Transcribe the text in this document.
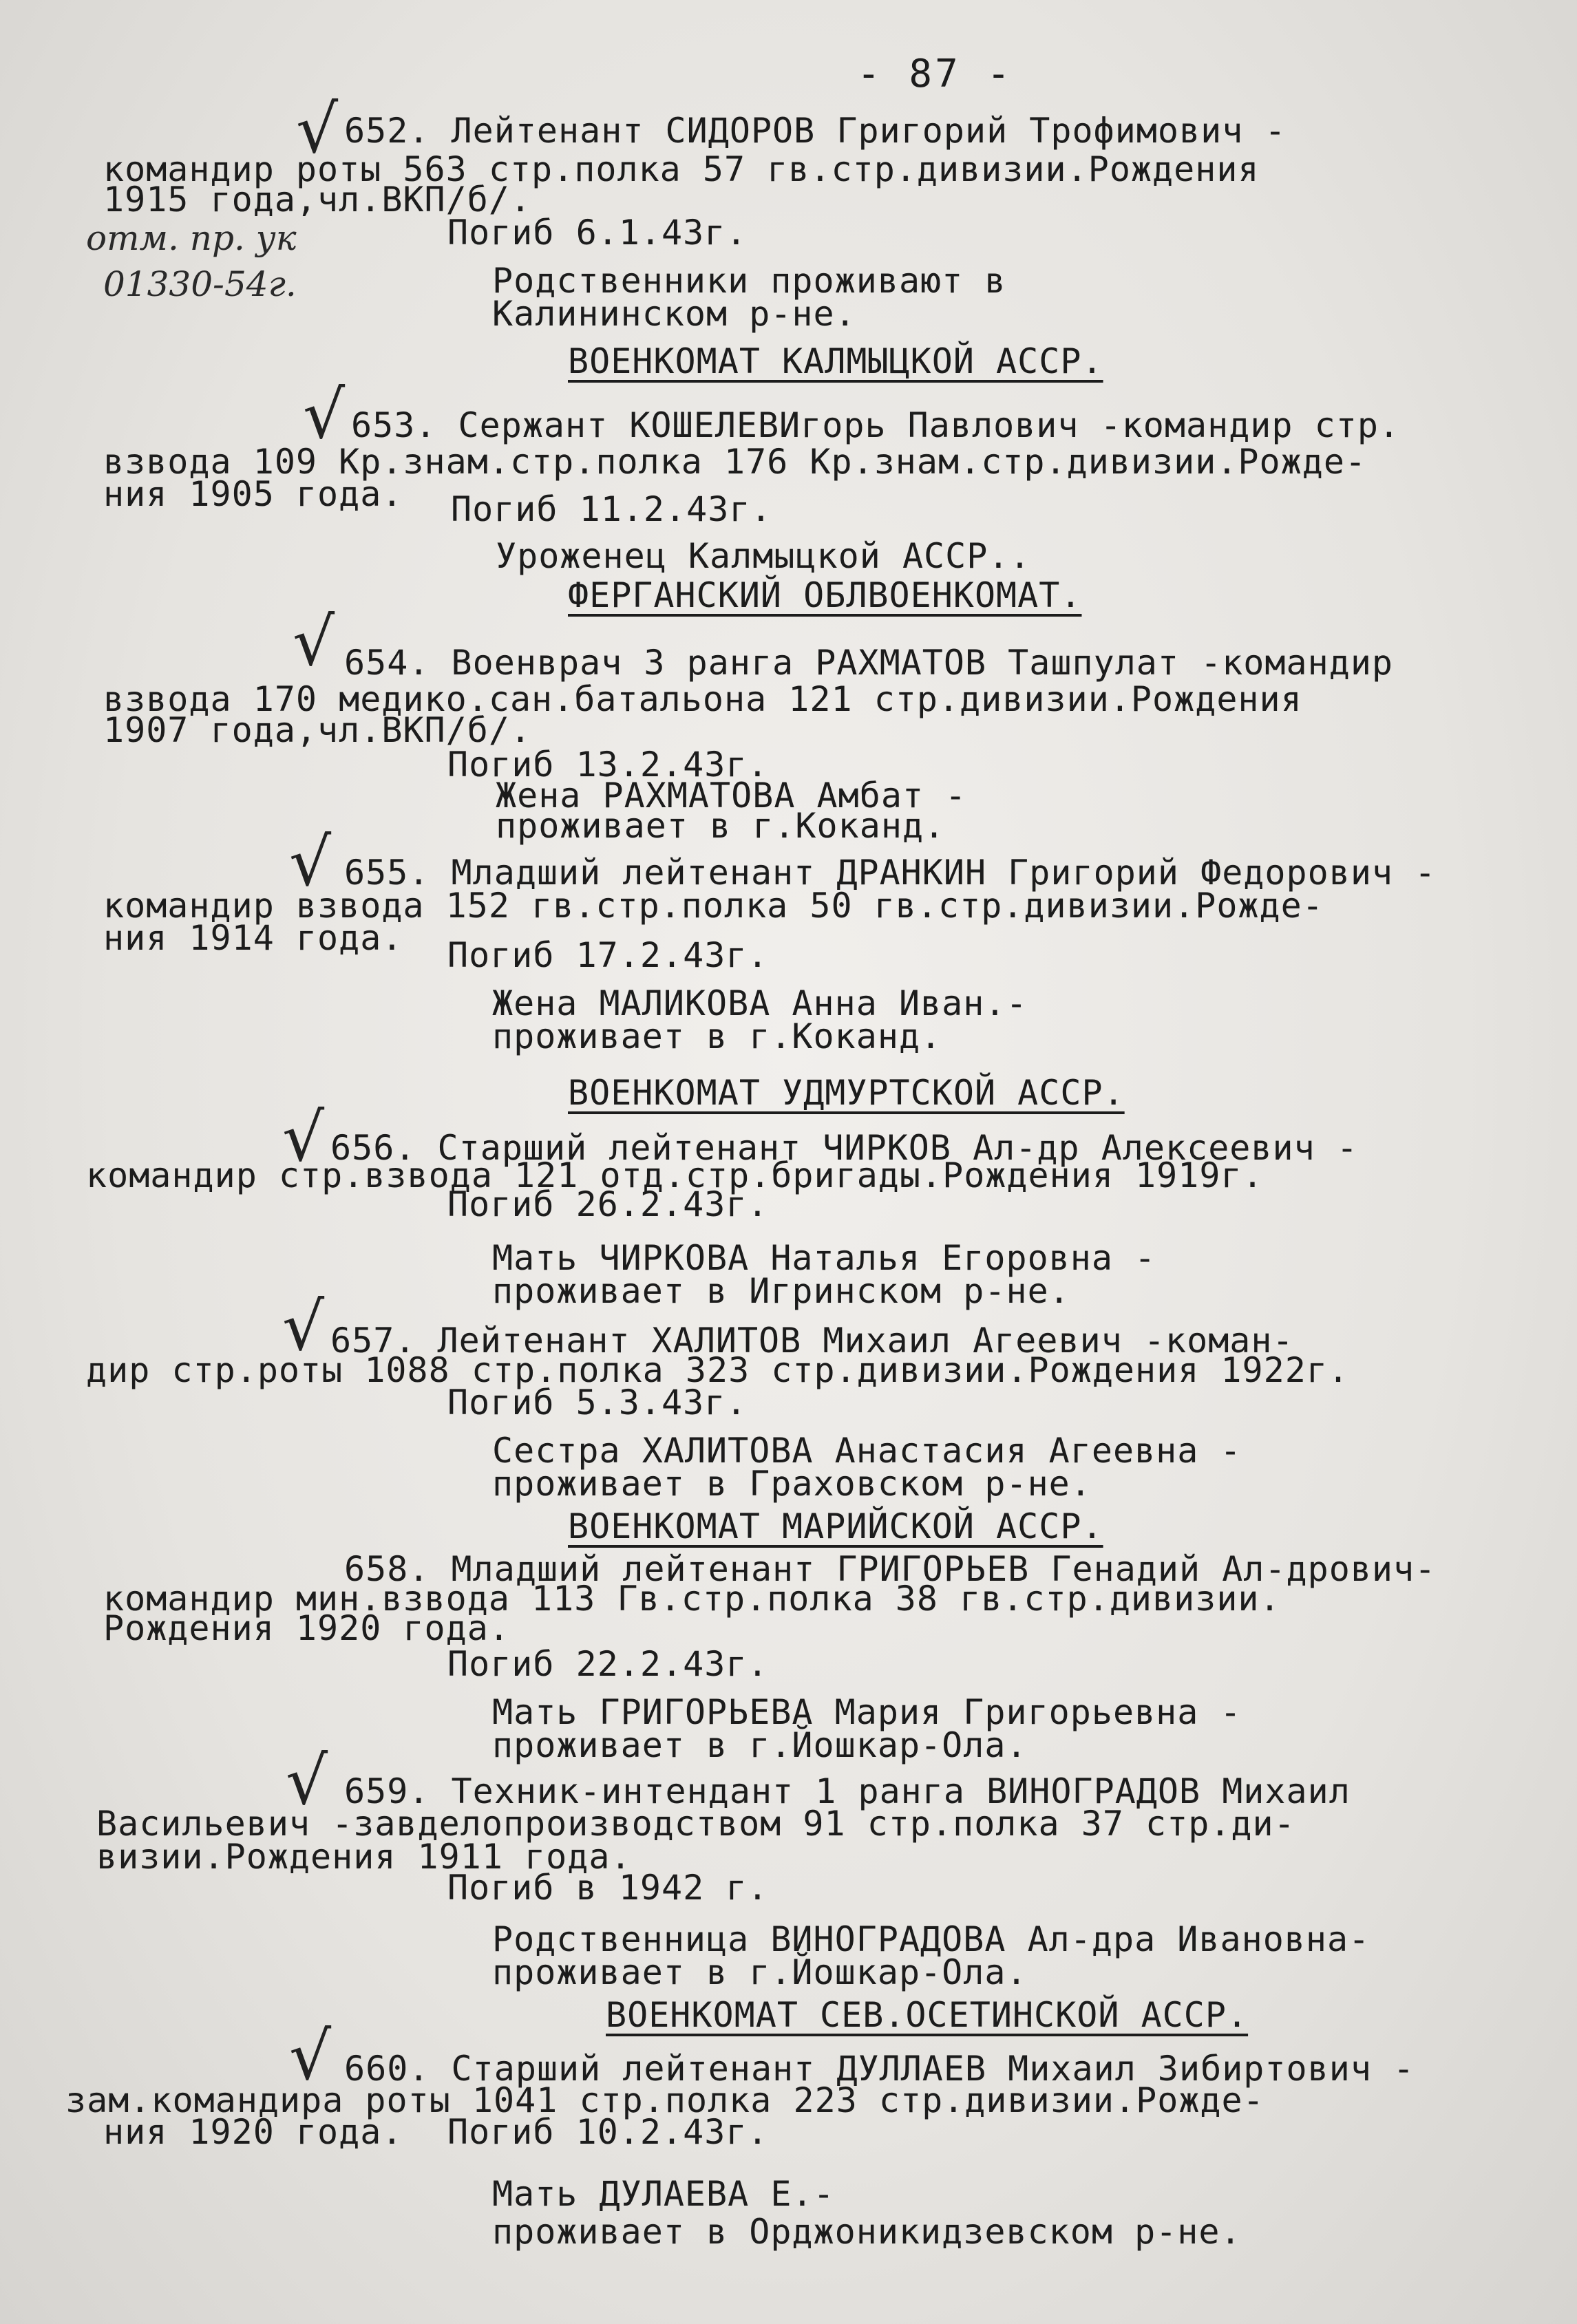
- 87 -
√ 652. Лейтенант СИДОРОВ Григорий Трофимович -
командир роты 563 стр.полка 57 гв.стр.дивизии.Рождения
1915 года,чл.ВКП/б/.
отм. пр. ук	Погиб 6.1.43г.
01330-54г.	Родственники проживают в
Калининском р-не.
ВОЕНКОМАТ КАЛМЫЦКОЙ АССР.
√ 653. Сержант КОШЕЛЕВИгорь Павлович -командир стр.
взвода 109 Кр.знам.стр.полка 176 Кр.знам.стр.дивизии.Рожде-
ния 1905 года. Погиб 11.2.43г.
Уроженец Калмыцкой АССР..
ФЕРГАНСКИЙ ОБЛВОЕНКОМАТ.
√ 654. Военврач 3 ранга РАХМАТОВ Ташпулат -командир
взвода 170 медико.сан.батальона 121 стр.дивизии.Рождения
1907 года,чл.ВКП/б/.
Погиб 13.2.43г.
Жена РАХМАТОВА Амбат -
проживает в г.Коканд.
√ 655. Младший лейтенант ДРАНКИН Григорий Федорович -
командир взвода 152 гв.стр.полка 50 гв.стр.дивизии.Рожде-
ния 1914 года. Погиб 17.2.43г.
Жена МАЛИКОВА Анна Иван.-
проживает в г.Коканд.
ВОЕНКОМАТ УДМУРТСКОЙ АССР.
√ 656. Старший лейтенант ЧИРКОВ Ал-др Алексеевич -
командир стр.взвода 121 отд.стр.бригады.Рождения 1919г.
Погиб 26.2.43г.
Мать ЧИРКОВА Наталья Егоровна -
проживает в Игринском р-не.
√ 657. Лейтенант ХАЛИТОВ Михаил Агеевич -коман-
дир стр.роты 1088 стр.полка 323 стр.дивизии.Рождения 1922г.
Погиб 5.3.43г.
Сестра ХАЛИТОВА Анастасия Агеевна -
проживает в Граховском р-не.
ВОЕНКОМАТ МАРИЙСКОЙ АССР.
658. Младший лейтенант ГРИГОРЬЕВ Генадий Ал-дрович-
командир мин.взвода 113 Гв.стр.полка 38 гв.стр.дивизии.
Рождения 1920 года.
Погиб 22.2.43г.
Мать ГРИГОРЬЕВА Мария Григорьевна -
проживает в г.Йошкар-Ола.
√ 659. Техник-интендант 1 ранга ВИНОГРАДОВ Михаил
Васильевич -завделопроизводством 91 стр.полка 37 стр.ди-
визии.Рождения 1911 года.
Погиб в 1942 г.
Родственница ВИНОГРАДОВА Ал-дра Ивановна-
проживает в г.Йошкар-Ола.
ВОЕНКОМАТ СЕВ.ОСЕТИНСКОЙ АССР.
√ 660. Старший лейтенант ДУЛЛАЕВ Михаил Зибиртович -
зам.командира роты 1041 стр.полка 223 стр.дивизии.Рожде-
ния 1920 года. Погиб 10.2.43г.
Мать ДУЛАЕВА Е.-
проживает в Орджоникидзевском р-не.
